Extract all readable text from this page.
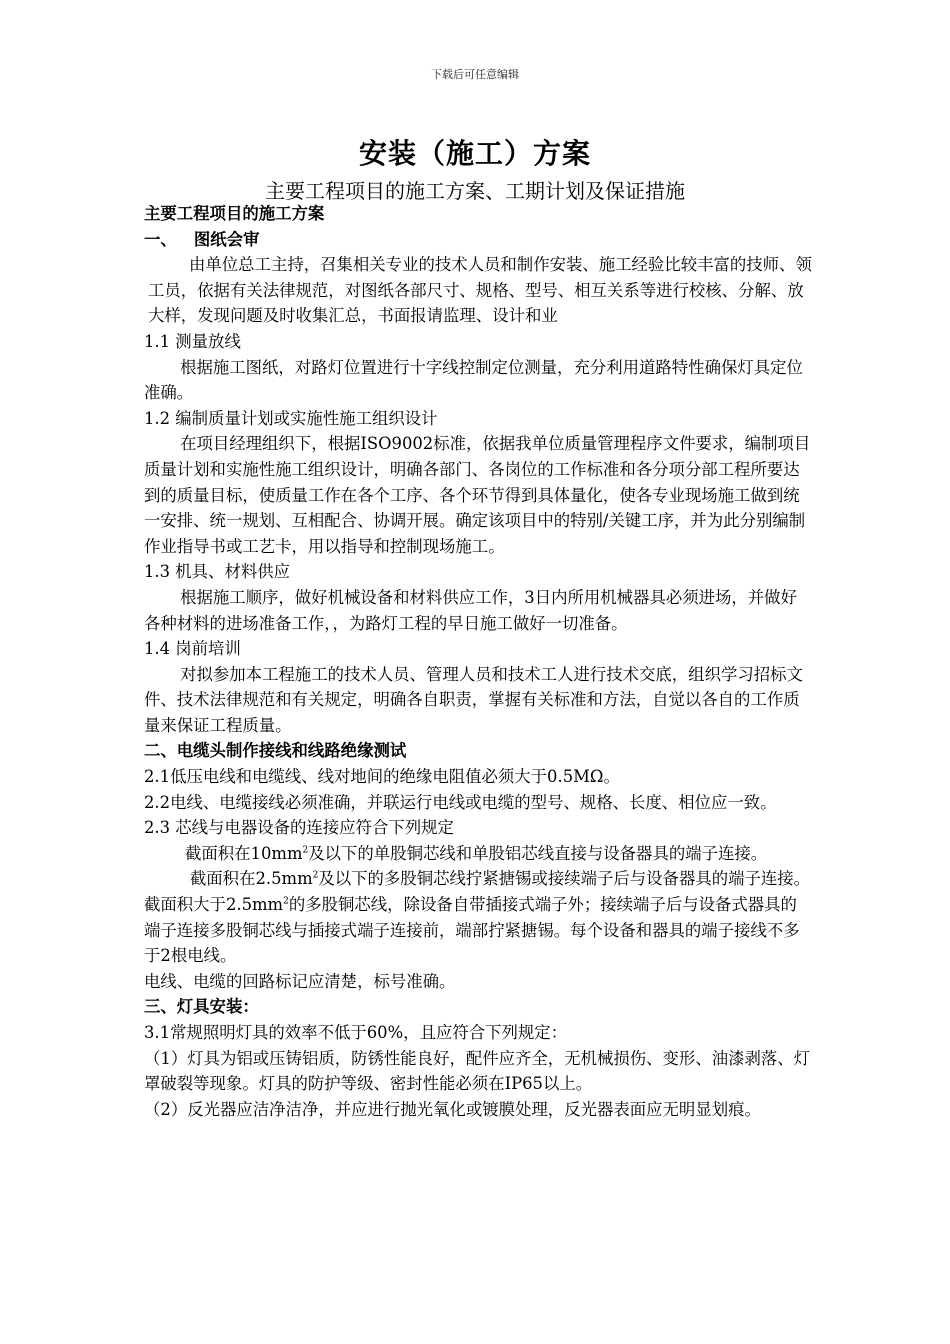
下载后可任意编辑
安装（施工）方案
主要工程项目的施工方案、工期计划及保证措施

主要工程项目的施工方案

一、   图纸会审

由单位总工主持，召集相关专业的技术人员和制作安装、施工经验比较丰富的技师、领工员，依据有关法律规范，对图纸各部尺寸、规格、型号、相互关系等进行校核、分解、放大样，发现问题及时收集汇总，书面报请监理、设计和业

1.1 测量放线

根据施工图纸，对路灯位置进行十字线控制定位测量，充分利用道路特性确保灯具定位准确。

1.2 编制质量计划或实施性施工组织设计

在项目经理组织下，根据ISO9002标准，依据我单位质量管理程序文件要求，编制项目质量计划和实施性施工组织设计，明确各部门、各岗位的工作标准和各分项分部工程所要达到的质量目标，使质量工作在各个工序、各个环节得到具体量化，使各专业现场施工做到统一安排、统一规划、互相配合、协调开展。确定该项目中的特别/关键工序，并为此分别编制作业指导书或工艺卡，用以指导和控制现场施工。

1.3 机具、材料供应

根据施工顺序，做好机械设备和材料供应工作，3日内所用机械器具必须进场，并做好各种材料的进场准备工作，，为路灯工程的早日施工做好一切准备。

1.4 岗前培训

对拟参加本工程施工的技术人员、管理人员和技术工人进行技术交底，组织学习招标文件、技术法律规范和有关规定，明确各自职责，掌握有关标准和方法，自觉以各自的工作质量来保证工程质量。

二、电缆头制作接线和线路绝缘测试

2.1低压电线和电缆线、线对地间的绝缘电阻值必须大于0.5MΩ。

2.2电线、电缆接线必须准确，并联运行电线或电缆的型号、规格、长度、相位应一致。

2.3 芯线与电器设备的连接应符合下列规定

截面积在$10mm^2$及以下的单股铜芯线和单股铝芯线直接与设备器具的端子连接。

截面积在$2.5mm^2$及以下的多股铜芯线拧紧搪锡或接续端子后与设备器具的端子连接。截面积大于$2.5mm^2$的多股铜芯线，除设备自带插接式端子外；接续端子后与设备式器具的端子连接多股铜芯线与插接式端子连接前，端部拧紧搪锡。每个设备和器具的端子接线不多于2根电线。

电线、电缆的回路标记应清楚，标号准确。

三、灯具安装：

3.1常规照明灯具的效率不低于60%，且应符合下列规定：

（1）灯具为铝或压铸铝质，防锈性能良好，配件应齐全，无机械损伤、变形、油漆剥落、灯罩破裂等现象。灯具的防护等级、密封性能必须在IP65以上。

（2）反光器应洁净洁净，并应进行抛光氧化或镀膜处理，反光器表面应无明显划痕。
